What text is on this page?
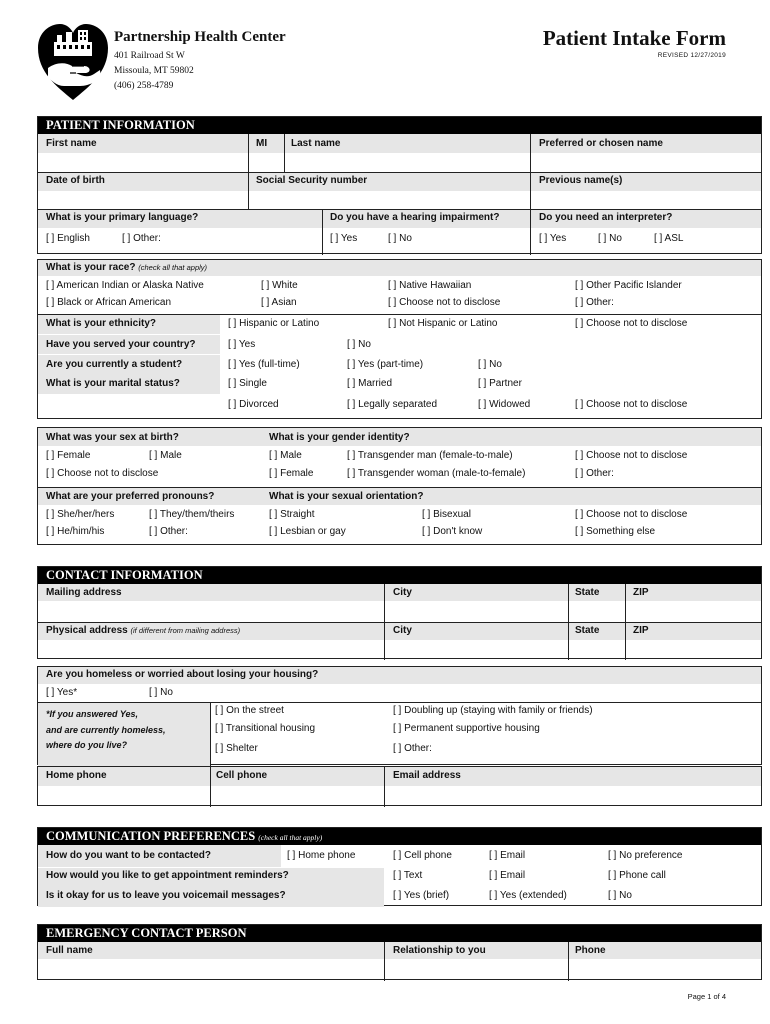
Partnership Health Center
401 Railroad St W
Missoula, MT 59802
(406) 258-4789
Patient Intake Form
REVISED 12/27/2019
PATIENT INFORMATION
First name	MI Last name	Preferred or chosen name
Date of birth	Social Security number	Previous name(s)
What is your primary language?	Do you have a hearing impairment?	Do you need an interpreter?
[ ] English	[ ] Other:	[ ] Yes	[ ] No	[ ] Yes	[ ] No	[ ] ASL
What is your race? (check all that apply)
[ ] American Indian or Alaska Native	[ ] White	[ ] Native Hawaiian	[ ] Other Pacific Islander
[ ] Black or African American	[ ] Asian	[ ] Choose not to disclose	[ ] Other:
What is your ethnicity?	[ ] Hispanic or Latino	[ ] Not Hispanic or Latino	[ ] Choose not to disclose
Have you served your country?	[ ] Yes	[ ] No
Are you currently a student?	[ ] Yes (full-time)	[ ] Yes (part-time)	[ ] No
What is your marital status?	[ ] Single	[ ] Married	[ ] Partner
[ ] Divorced	[ ] Legally separated	[ ] Widowed	[ ] Choose not to disclose
What was your sex at birth?	What is your gender identity?
[ ] Female	[ ] Male
[ ] Choose not to disclose
[ ] Male	[ ] Transgender man (female-to-male)	[ ] Choose not to disclose
[ ] Female	[ ] Transgender woman (male-to-female)	[ ] Other:
What are your preferred pronouns?	What is your sexual orientation?
[ ] She/her/hers	[ ] They/them/theirs
[ ] He/him/his	[ ] Other:
[ ] Straight	[ ] Bisexual	[ ] Choose not to disclose
[ ] Lesbian or gay	[ ] Don't know	[ ] Something else
CONTACT INFORMATION
Mailing address	City	State	ZIP
Physical address (if different from mailing address)	City	State	ZIP
Are you homeless or worried about losing your housing?
[ ] Yes*	[ ] No
*If you answered Yes,
and are currently homeless,
where do you live?
[ ] On the street	[ ] Doubling up (staying with family or friends)
[ ] Transitional housing	[ ] Permanent supportive housing
[ ] Shelter	[ ] Other:
Home phone	Cell phone	Email address
COMMUNICATION PREFERENCES (check all that apply)
How do you want to be contacted?	[ ] Home phone	[ ] Cell phone	[ ] Email	[ ] No preference
How would you like to get appointment reminders?	[ ] Text	[ ] Email	[ ] Phone call
Is it okay for us to leave you voicemail messages?	[ ] Yes (brief)	[ ] Yes (extended)	[ ] No
EMERGENCY CONTACT PERSON
Full name	Relationship to you	Phone
Page 1 of 4
